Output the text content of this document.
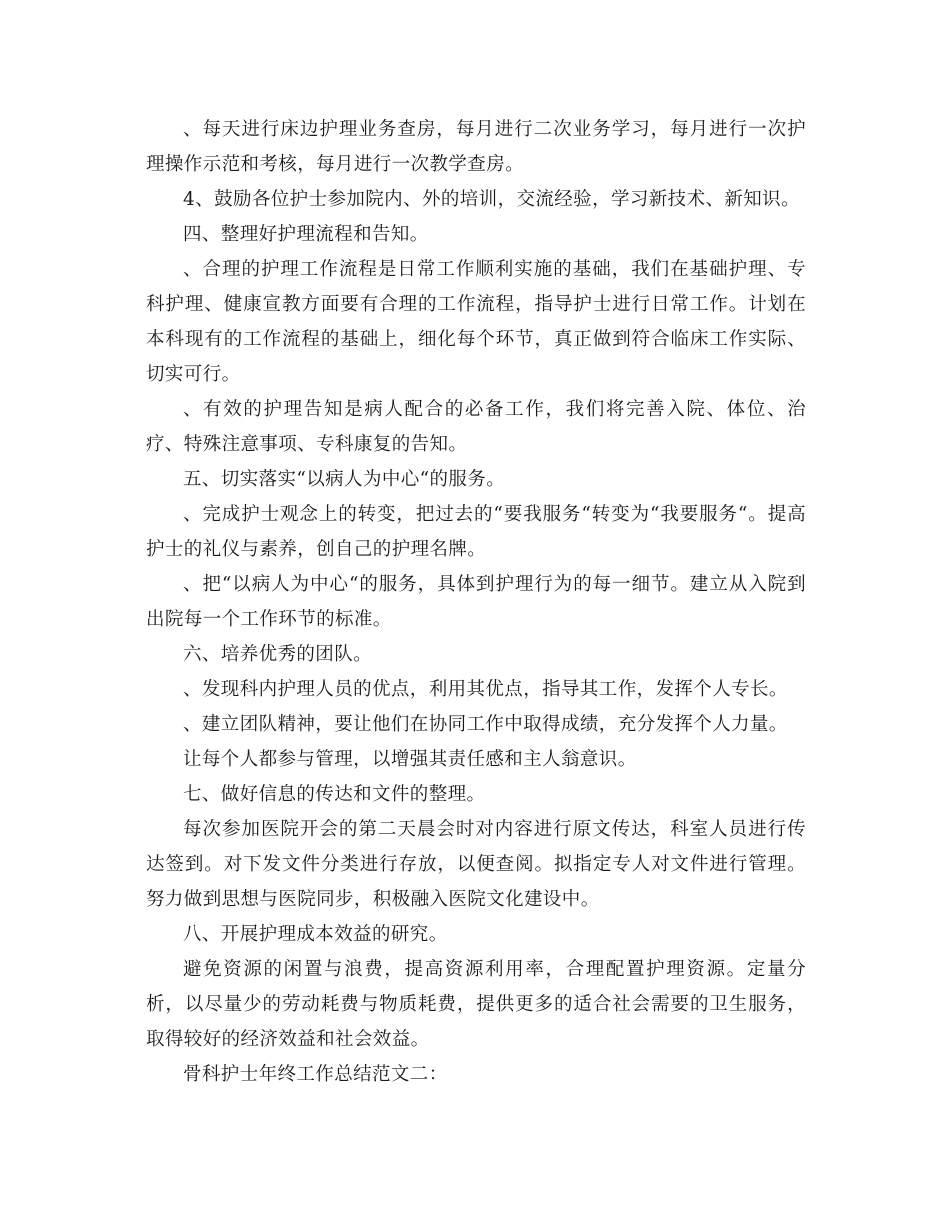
、每天进行床边护理业务查房，每月进行二次业务学习，每月进行一次护理操作示范和考核，每月进行一次教学查房。

4、鼓励各位护士参加院内、外的培训，交流经验，学习新技术、新知识。

四、整理好护理流程和告知。

、合理的护理工作流程是日常工作顺利实施的基础，我们在基础护理、专科护理、健康宣教方面要有合理的工作流程，指导护士进行日常工作。计划在本科现有的工作流程的基础上，细化每个环节，真正做到符合临床工作实际、切实可行。

、有效的护理告知是病人配合的必备工作，我们将完善入院、体位、治疗、特殊注意事项、专科康复的告知。

五、切实落实“以病人为中心“的服务。

、完成护士观念上的转变，把过去的“要我服务“转变为“我要服务“。提高护士的礼仪与素养，创自己的护理名牌。

、把“以病人为中心“的服务，具体到护理行为的每一细节。建立从入院到出院每一个工作环节的标准。

六、培养优秀的团队。

、发现科内护理人员的优点，利用其优点，指导其工作，发挥个人专长。

、建立团队精神，要让他们在协同工作中取得成绩，充分发挥个人力量。

让每个人都参与管理，以增强其责任感和主人翁意识。

七、做好信息的传达和文件的整理。

每次参加医院开会的第二天晨会时对内容进行原文传达，科室人员进行传达签到。对下发文件分类进行存放，以便查阅。拟指定专人对文件进行管理。努力做到思想与医院同步，积极融入医院文化建设中。

八、开展护理成本效益的研究。

避免资源的闲置与浪费，提高资源利用率，合理配置护理资源。定量分析，以尽量少的劳动耗费与物质耗费，提供更多的适合社会需要的卫生服务，取得较好的经济效益和社会效益。

骨科护士年终工作总结范文二：
